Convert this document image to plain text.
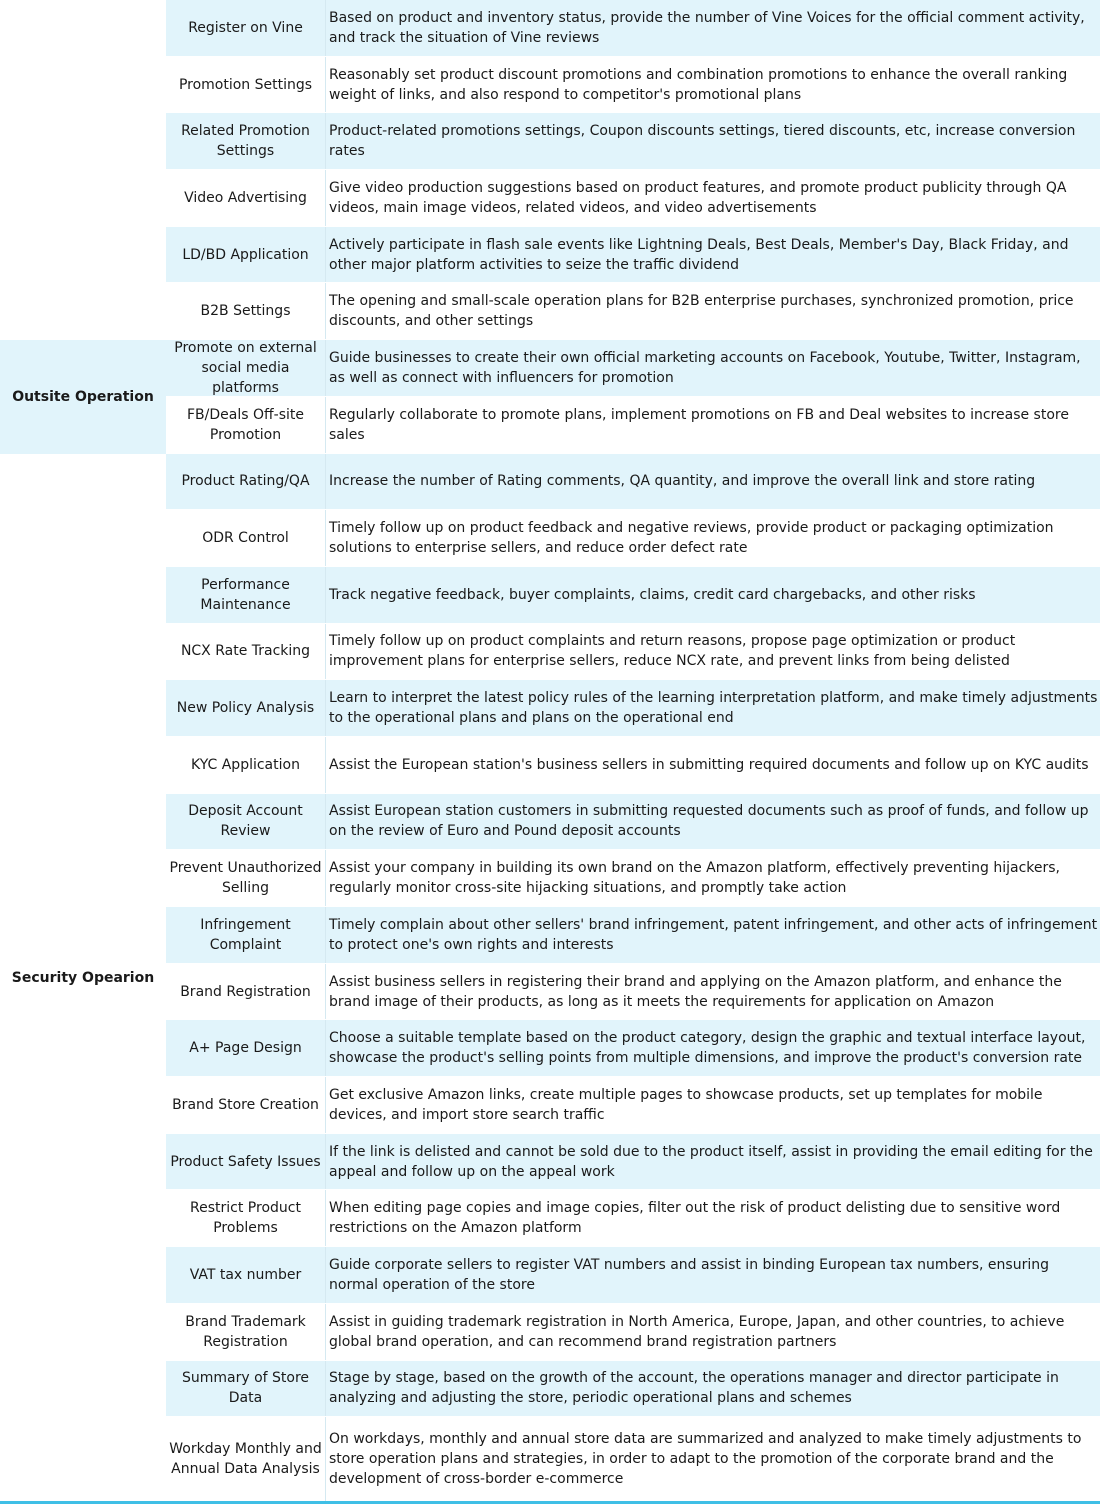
Outsite Operation
Security Opearion
Register on Vine
Based on product and inventory status, provide the number of Vine Voices for the official comment activity, and track the situation of Vine reviews
Promotion Settings
Reasonably set product discount promotions and combination promotions to enhance the overall ranking weight of links, and also respond to competitor's promotional plans
Related Promotion Settings
Product-related promotions settings, Coupon discounts settings, tiered discounts, etc, increase conversion rates
Video Advertising
Give video production suggestions based on product features, and promote product publicity through QA videos, main image videos, related videos, and video advertisements
LD/BD Application
Actively participate in flash sale events like Lightning Deals, Best Deals, Member's Day, Black Friday, and other major platform activities to seize the traffic dividend
B2B Settings
The opening and small-scale operation plans for B2B enterprise purchases, synchronized promotion, price discounts, and other settings
Promote on external social media platforms
Guide businesses to create their own official marketing accounts on Facebook, Youtube, Twitter, Instagram, as well as connect with influencers for promotion
FB/Deals Off-site Promotion
Regularly collaborate to promote plans, implement promotions on FB and Deal websites to increase store sales
Product Rating/QA	Increase the number of Rating comments, QA quantity, and improve the overall link and store rating
ODR Control
Timely follow up on product feedback and negative reviews, provide product or packaging optimization solutions to enterprise sellers, and reduce order defect rate
Performance Maintenance
Track negative feedback, buyer complaints, claims, credit card chargebacks, and other risks
NCX Rate Tracking
Timely follow up on product complaints and return reasons, propose page optimization or product improvement plans for enterprise sellers, reduce NCX rate, and prevent links from being delisted
New Policy Analysis
Learn to interpret the latest policy rules of the learning interpretation platform, and make timely adjustments to the operational plans and plans on the operational end
KYC Application	Assist the European station's business sellers in submitting required documents and follow up on KYC audits
Deposit Account Review
Assist European station customers in submitting requested documents such as proof of funds, and follow up on the review of Euro and Pound deposit accounts
Prevent Unauthorized Selling
Assist your company in building its own brand on the Amazon platform, effectively preventing hijackers, regularly monitor cross-site hijacking situations, and promptly take action
Infringement Complaint
Timely complain about other sellers' brand infringement, patent infringement, and other acts of infringement to protect one's own rights and interests
Brand Registration
Assist business sellers in registering their brand and applying on the Amazon platform, and enhance the brand image of their products, as long as it meets the requirements for application on Amazon
A+ Page Design
Choose a suitable template based on the product category, design the graphic and textual interface layout, showcase the product's selling points from multiple dimensions, and improve the product's conversion rate
Brand Store Creation
Get exclusive Amazon links, create multiple pages to showcase products, set up templates for mobile devices, and import store search traffic
Product Safety Issues
If the link is delisted and cannot be sold due to the product itself, assist in providing the email editing for the appeal and follow up on the appeal work
Restrict Product Problems
When editing page copies and image copies, filter out the risk of product delisting due to sensitive word restrictions on the Amazon platform
VAT tax number
Guide corporate sellers to register VAT numbers and assist in binding European tax numbers, ensuring normal operation of the store
Brand Trademark Registration
Assist in guiding trademark registration in North America, Europe, Japan, and other countries, to achieve global brand operation, and can recommend brand registration partners
Summary of Store Data
Stage by stage, based on the growth of the account, the operations manager and director participate in analyzing and adjusting the store, periodic operational plans and schemes
Workday Monthly and Annual Data Analysis
On workdays, monthly and annual store data are summarized and analyzed to make timely adjustments to store operation plans and strategies, in order to adapt to the promotion of the corporate brand and the development of cross-border e-commerce
